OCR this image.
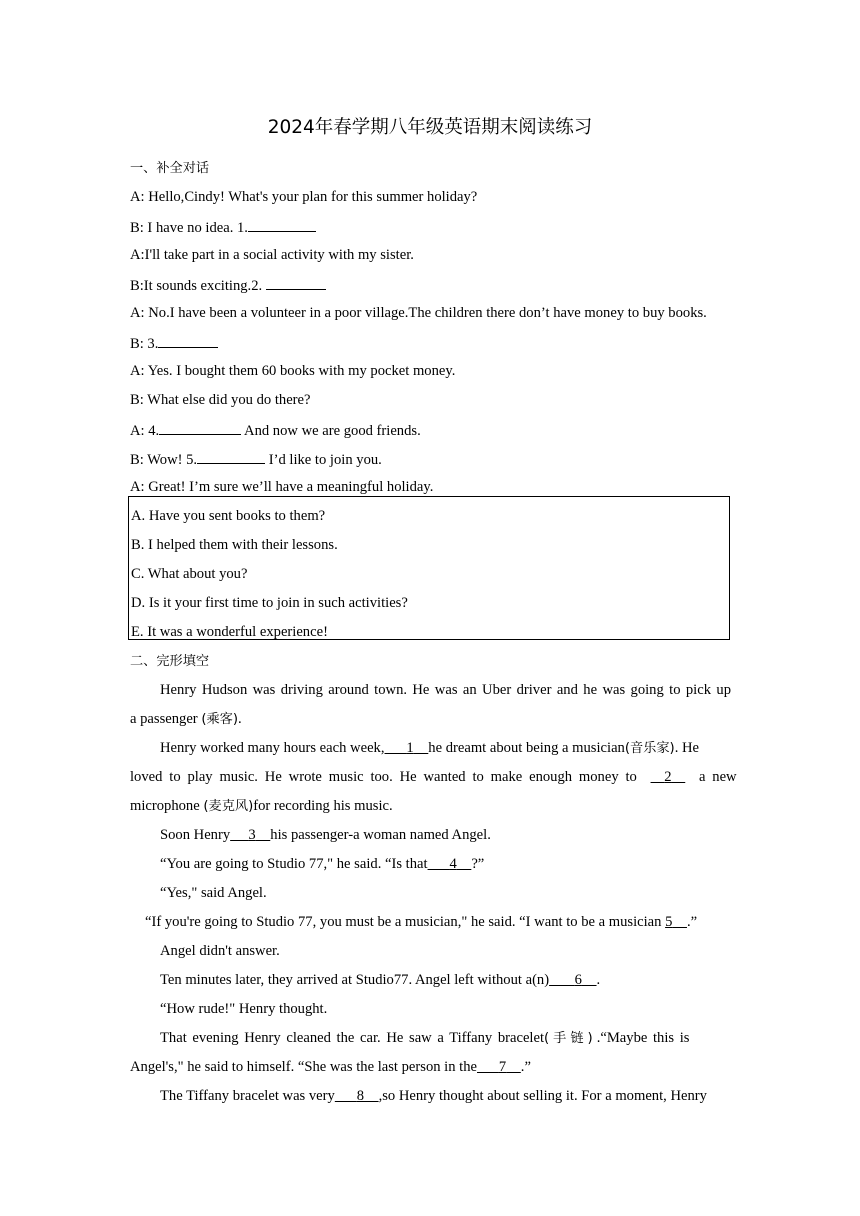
2024年春学期八年级英语期末阅读练习
一、补全对话
A: Hello,Cindy! What's your plan for this summer holiday?
B: I have no idea. 1.
A:I'll take part in a social activity with my sister.
B:It sounds exciting.2.
A: No.I have been a volunteer in a poor village.The children there don’t have money to buy books.
B: 3.
A: Yes. I bought them 60 books with my pocket money.
B: What else did you do there?
A: 4.	And now we are good friends.
B: Wow! 5.	I’d like to join you.
A: Great! I’m sure we’ll have a meaningful holiday.
A. Have you sent books to them?
B. I helped them with their lessons.
C. What about you?
D. Is it your first time to join in such activities?
E. It was a wonderful experience!
二、完形填空
Henry Hudson was driving around town. He was an Uber driver and he was going to pick up
a passenger (乘客).
Henry worked many hours each week, 1 he dreamt about being a musician(音乐家). He
loved to play music. He wrote music too. He wanted to make enough money to 2 a new
microphone (麦克风)for recording his music.
Soon Henry 3 his passenger-a woman named Angel.
“You are going to Studio 77," he said. “Is that 4 ?”
“Yes," said Angel.
“If you're going to Studio 77, you must be a musician," he said. “I want to be a musician 5 .”
Angel didn't answer.
Ten minutes later, they arrived at Studio77. Angel left without a(n) 6 .
“How rude!" Henry thought.
That evening Henry cleaned the car. He saw a Tiffany bracelet(手链).“Maybe this is
Angel's," he said to himself. “She was the last person in the 7 .”
The Tiffany bracelet was very 8 ,so Henry thought about selling it. For a moment, Henry
